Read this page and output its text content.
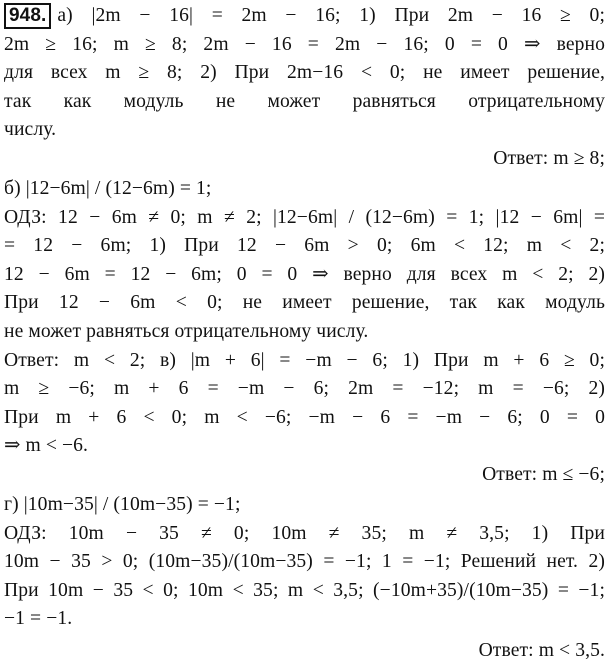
948. а) |2m − 16| = 2m − 16; 1) При 2m − 16 ≥ 0;
2m ≥ 16; m ≥ 8; 2m − 16 = 2m − 16; 0 = 0 ⇒ верно
для всех m ≥ 8; 2) При 2m−16 < 0; не имеет решение,
так как модуль не может равняться отрицательному
числу.
Ответ: m ≥ 8;
б) |12−6m| / (12−6m) = 1;
ОДЗ: 12 − 6m ≠ 0; m ≠ 2; |12−6m| / (12−6m) = 1; |12 − 6m| =
= 12 − 6m; 1) При 12 − 6m > 0; 6m < 12; m < 2;
12 − 6m = 12 − 6m; 0 = 0 ⇒ верно для всех m < 2; 2)
При 12 − 6m < 0; не имеет решение, так как модуль
не может равняться отрицательному числу.
Ответ: m < 2; в) |m + 6| = −m − 6; 1) При m + 6 ≥ 0;
m ≥ −6; m + 6 = −m − 6; 2m = −12; m = −6; 2)
При m + 6 < 0; m < −6; −m − 6 = −m − 6; 0 = 0
⇒ m < −6.
Ответ: m ≤ −6;
г) |10m−35| / (10m−35) = −1;
ОДЗ: 10m − 35 ≠ 0; 10m ≠ 35; m ≠ 3,5; 1) При
10m − 35 > 0; (10m−35)/(10m−35) = −1; 1 = −1; Решений нет. 2)
При 10m − 35 < 0; 10m < 35; m < 3,5; (−10m+35)/(10m−35) = −1;
−1 = −1.
Ответ: m < 3,5.
